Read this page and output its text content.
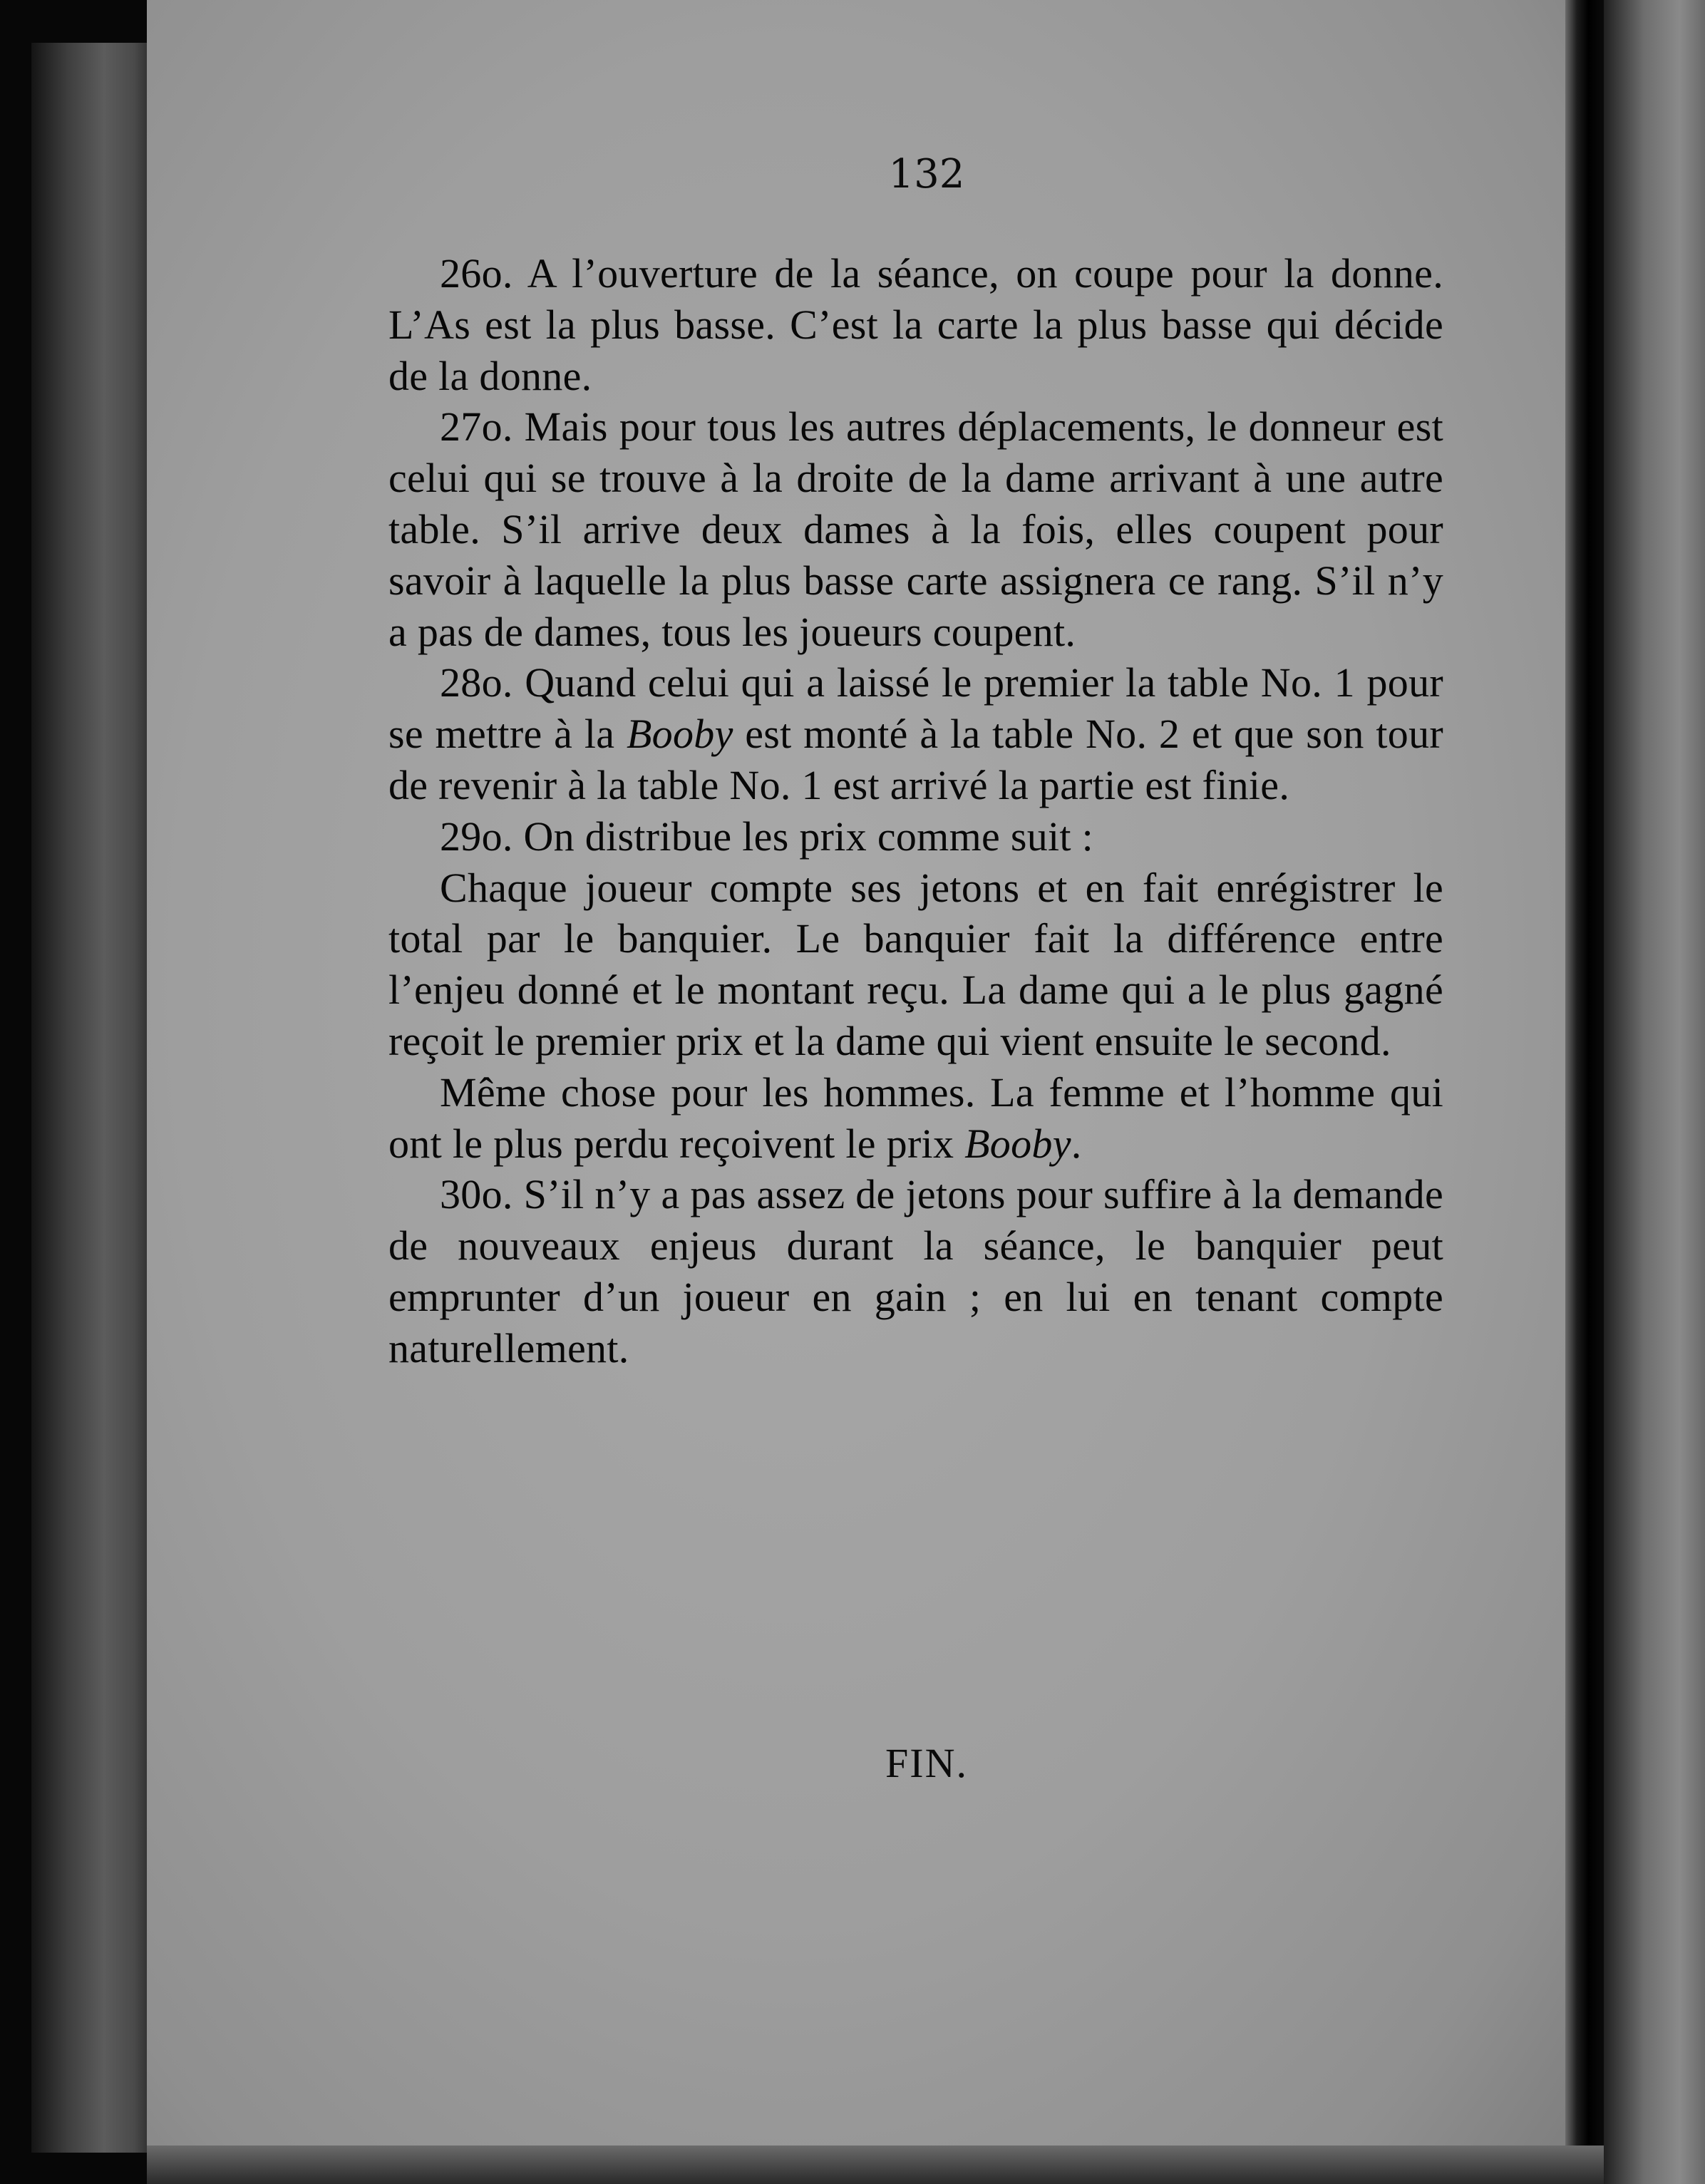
132

26o. A l’ouverture de la séance, on coupe pour la donne. L’As est la plus basse. C’est la carte la plus basse qui décide de la donne.

27o. Mais pour tous les autres déplacements, le donneur est celui qui se trouve à la droite de la dame arrivant à une autre table. S’il arrive deux dames à la fois, elles coupent pour savoir à laquelle la plus basse carte assignera ce rang. S’il n’y a pas de dames, tous les joueurs coupent.

28o. Quand celui qui a laissé le premier la table No. 1 pour se mettre à la Booby est monté à la table No. 2 et que son tour de revenir à la table No. 1 est arrivé la partie est finie.

29o. On distribue les prix comme suit :

Chaque joueur compte ses jetons et en fait enrégistrer le total par le banquier. Le banquier fait la différence entre l’enjeu donné et le montant reçu. La dame qui a le plus gagné reçoit le premier prix et la dame qui vient ensuite le second.

Même chose pour les hommes. La femme et l’homme qui ont le plus perdu reçoivent le prix Booby.

30o. S’il n’y a pas assez de jetons pour suffire à la demande de nouveaux enjeus durant la séance, le banquier peut emprunter d’un joueur en gain ; en lui en tenant compte naturellement.

FIN.
